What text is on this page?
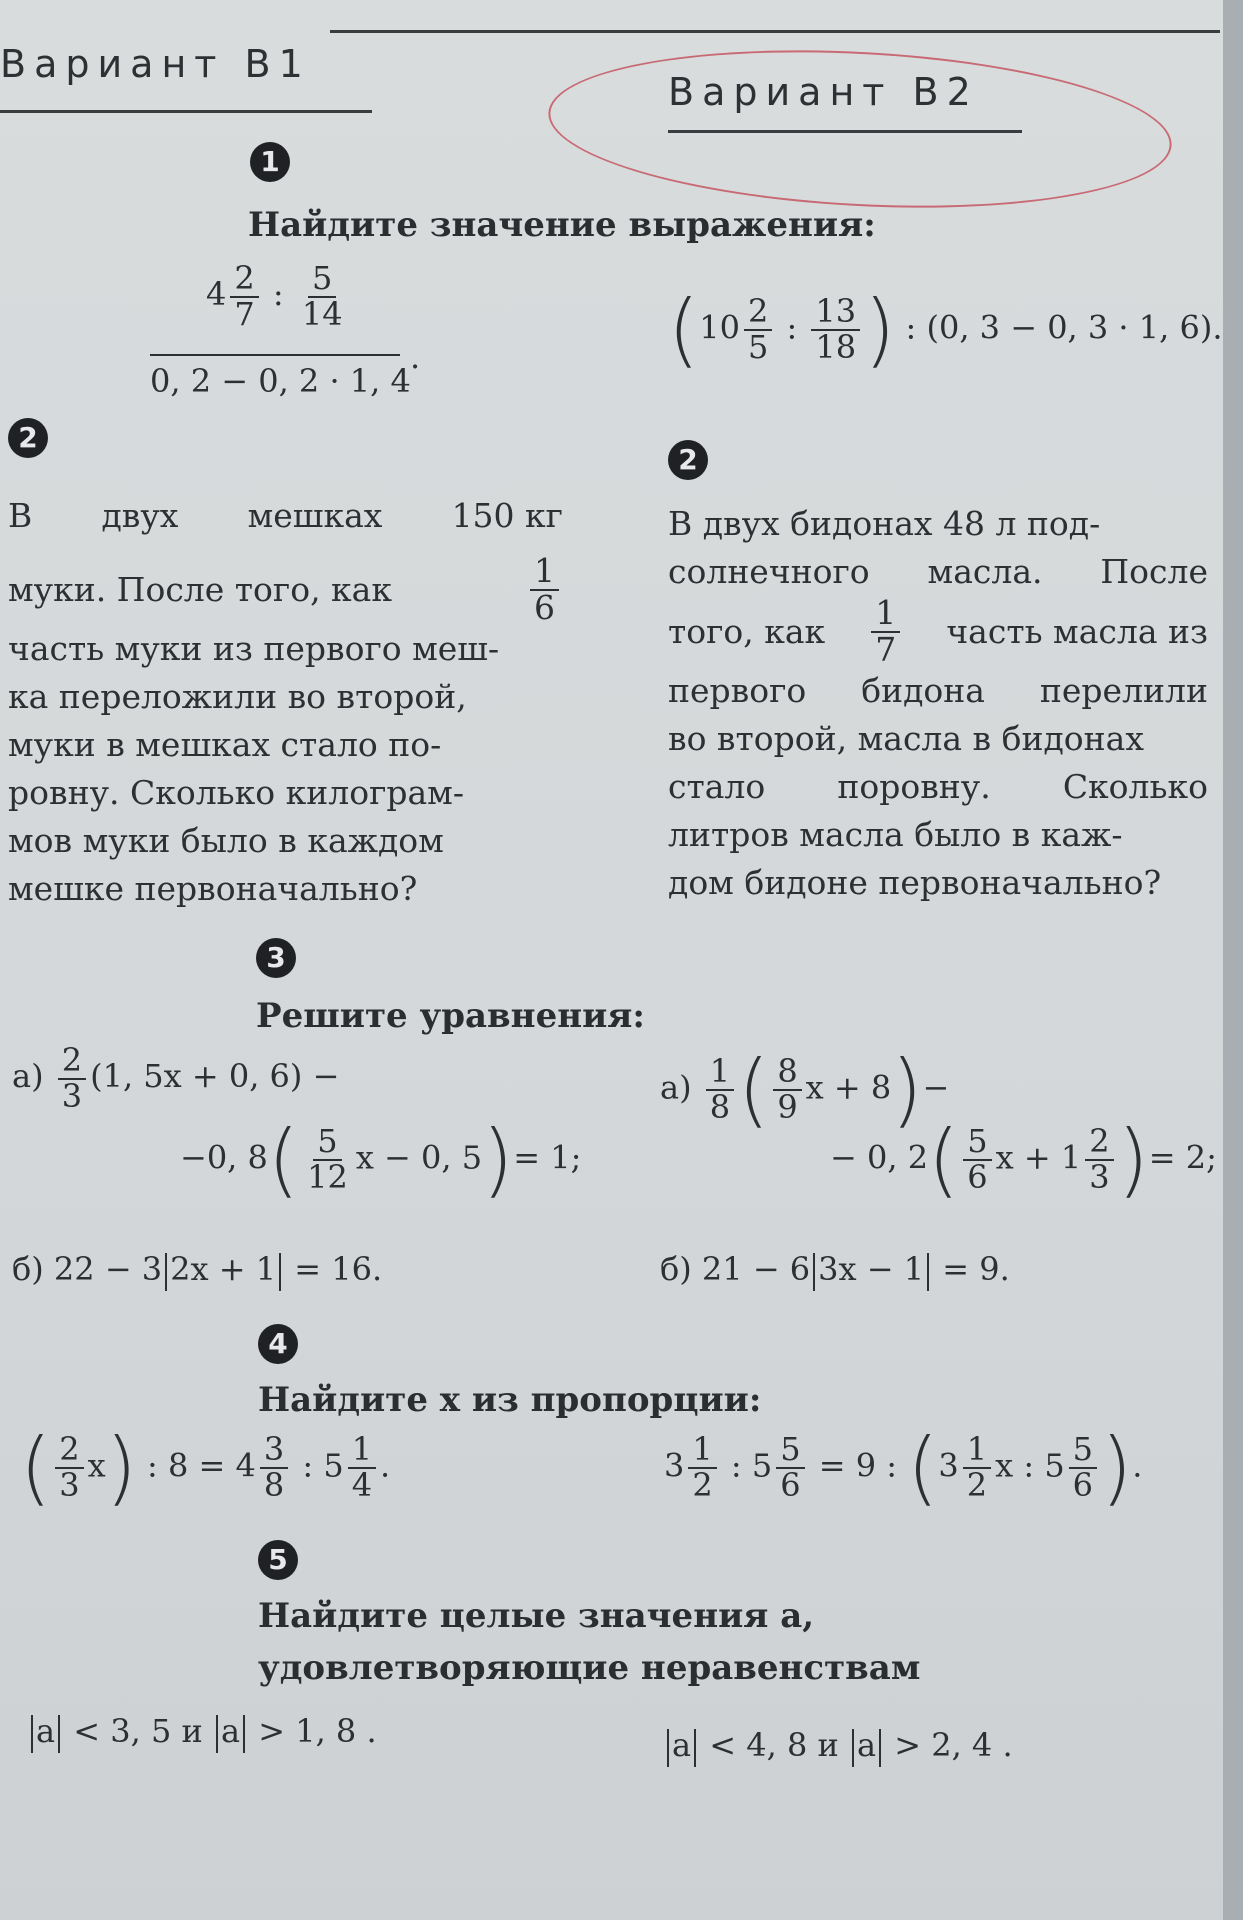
Вариант В1
Вариант В2
1
Найдите значение выражения:
$4 \frac{2}{7}$ : $\frac{5}{14}$
0, 2 − 0, 2 · 1, 4
.	($10 \frac{2}{5}$ : $\frac{13}{18}$ ) : (0, 3 − 0, 3 · 1, 6).
2
2
В двух мешках 150 кг
муки. После того, как	$\frac{1}{6}$
часть муки из первого меш-
ка переложили во второй,
муки в мешках стало по-
ровну. Сколько килограм-
мов муки было в каждом
мешке первоначально?
В двух бидонах 48 л под-
солнечного масла. После
того, как $\frac{1}{7}$ часть масла из
первого бидона перелили
во второй, масла в бидонах
стало поровну. Сколько
литров масла было в каж-
дом бидоне первоначально?
3
Решите уравнения:
$а) \frac{2}{3} (1$, 5x + 0, 6) −
−0, $8( \frac{5}{12}$ x − 0, 5)= 1;
б) 22 − 3 2x + 1 = 16.
$а) \frac{1}{8}$ ( $\frac{8}{9}$ x + 8)−
− 0, $2( \frac{5}{6}$ $x + 1 \frac{2}{3}$ )= 2;
б) 21 − 6 3x − 1 = 9.
4
Найдите x из пропорции:
( $\frac{2}{3} x$) : $8 = 4 \frac{3}{8}$ : $5 \frac{1}{4}$ .	$3 \frac{1}{2}$ : $5 \frac{5}{6} = 9$ : ($3 \frac{1}{2}$ x : $5 \frac{5}{6}$ ).
5
Найдите целые значения a,
удовлетворяющие неравенствам
a < 3, 5 и a > 1, 8 .	a < 4, 8 и a > 2, 4 .
